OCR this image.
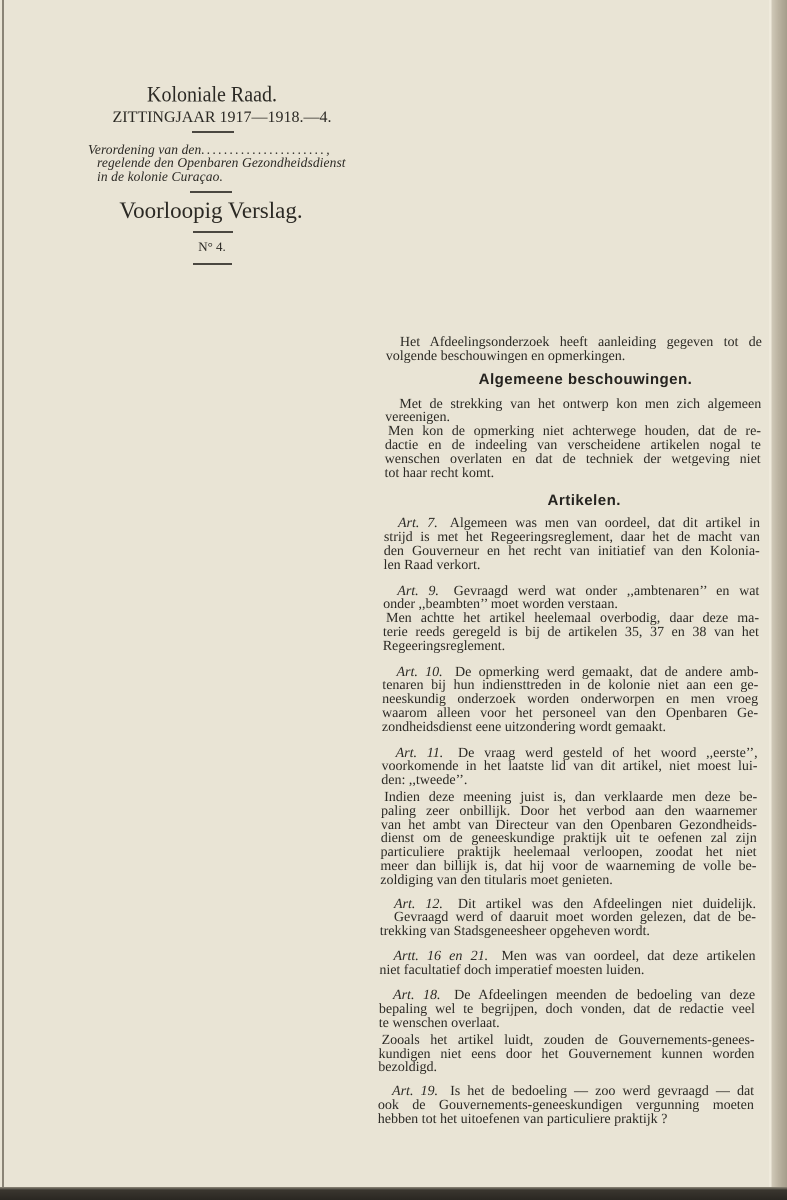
Koloniale Raad.
ZITTINGJAAR 1917—1918.—4.
Verordening van den......................,
regelende den Openbaren Gezondheidsdienst
in de kolonie Curaçao.
Voorloopig Verslag.
N° 4.
Het Afdeelingsonderzoek heeft aanleiding gegeven tot de
volgende beschouwingen en opmerkingen.
Algemeene beschouwingen.
Met de strekking van het ontwerp kon men zich algemeen
vereenigen.
Men kon de opmerking niet achterwege houden, dat de re-
dactie en de indeeling van verscheidene artikelen nogal te
wenschen overlaten en dat de techniek der wetgeving niet
tot haar recht komt.
Artikelen.
Art. 7. Algemeen was men van oordeel, dat dit artikel in
strijd is met het Regeeringsreglement, daar het de macht van
den Gouverneur en het recht van initiatief van den Kolonia-
len Raad verkort.
Art. 9. Gevraagd werd wat onder ,,ambtenaren’’ en wat
onder ,,beambten’’ moet worden verstaan.
Men achtte het artikel heelemaal overbodig, daar deze ma-
terie reeds geregeld is bij de artikelen 35, 37 en 38 van het
Regeeringsreglement.
Art. 10. De opmerking werd gemaakt, dat de andere amb-
tenaren bij hun indiensttreden in de kolonie niet aan een ge-
neeskundig onderzoek worden onderworpen en men vroeg
waarom alleen voor het personeel van den Openbaren Ge-
zondheidsdienst eene uitzondering wordt gemaakt.
Art. 11. De vraag werd gesteld of het woord ,,eerste’’,
voorkomende in het laatste lid van dit artikel, niet moest lui-
den: ,,tweede’’.
Indien deze meening juist is, dan verklaarde men deze be-
paling zeer onbillijk. Door het verbod aan den waarnemer
van het ambt van Directeur van den Openbaren Gezondheids-
dienst om de geneeskundige praktijk uit te oefenen zal zijn
particuliere praktijk heelemaal verloopen, zoodat het niet
meer dan billijk is, dat hij voor de waarneming de volle be-
zoldiging van den titularis moet genieten.
Art. 12. Dit artikel was den Afdeelingen niet duidelijk.
Gevraagd werd of daaruit moet worden gelezen, dat de be-
trekking van Stadsgeneesheer opgeheven wordt.
Artt. 16 en 21. Men was van oordeel, dat deze artikelen
niet facultatief doch imperatief moesten luiden.
Art. 18. De Afdeelingen meenden de bedoeling van deze
bepaling wel te begrijpen, doch vonden, dat de redactie veel
te wenschen overlaat.
Zooals het artikel luidt, zouden de Gouvernements-genees-
kundigen niet eens door het Gouvernement kunnen worden
bezoldigd.
Art. 19. Is het de bedoeling — zoo werd gevraagd — dat
ook de Gouvernements-geneeskundigen vergunning moeten
hebben tot het uitoefenen van particuliere praktijk ?
